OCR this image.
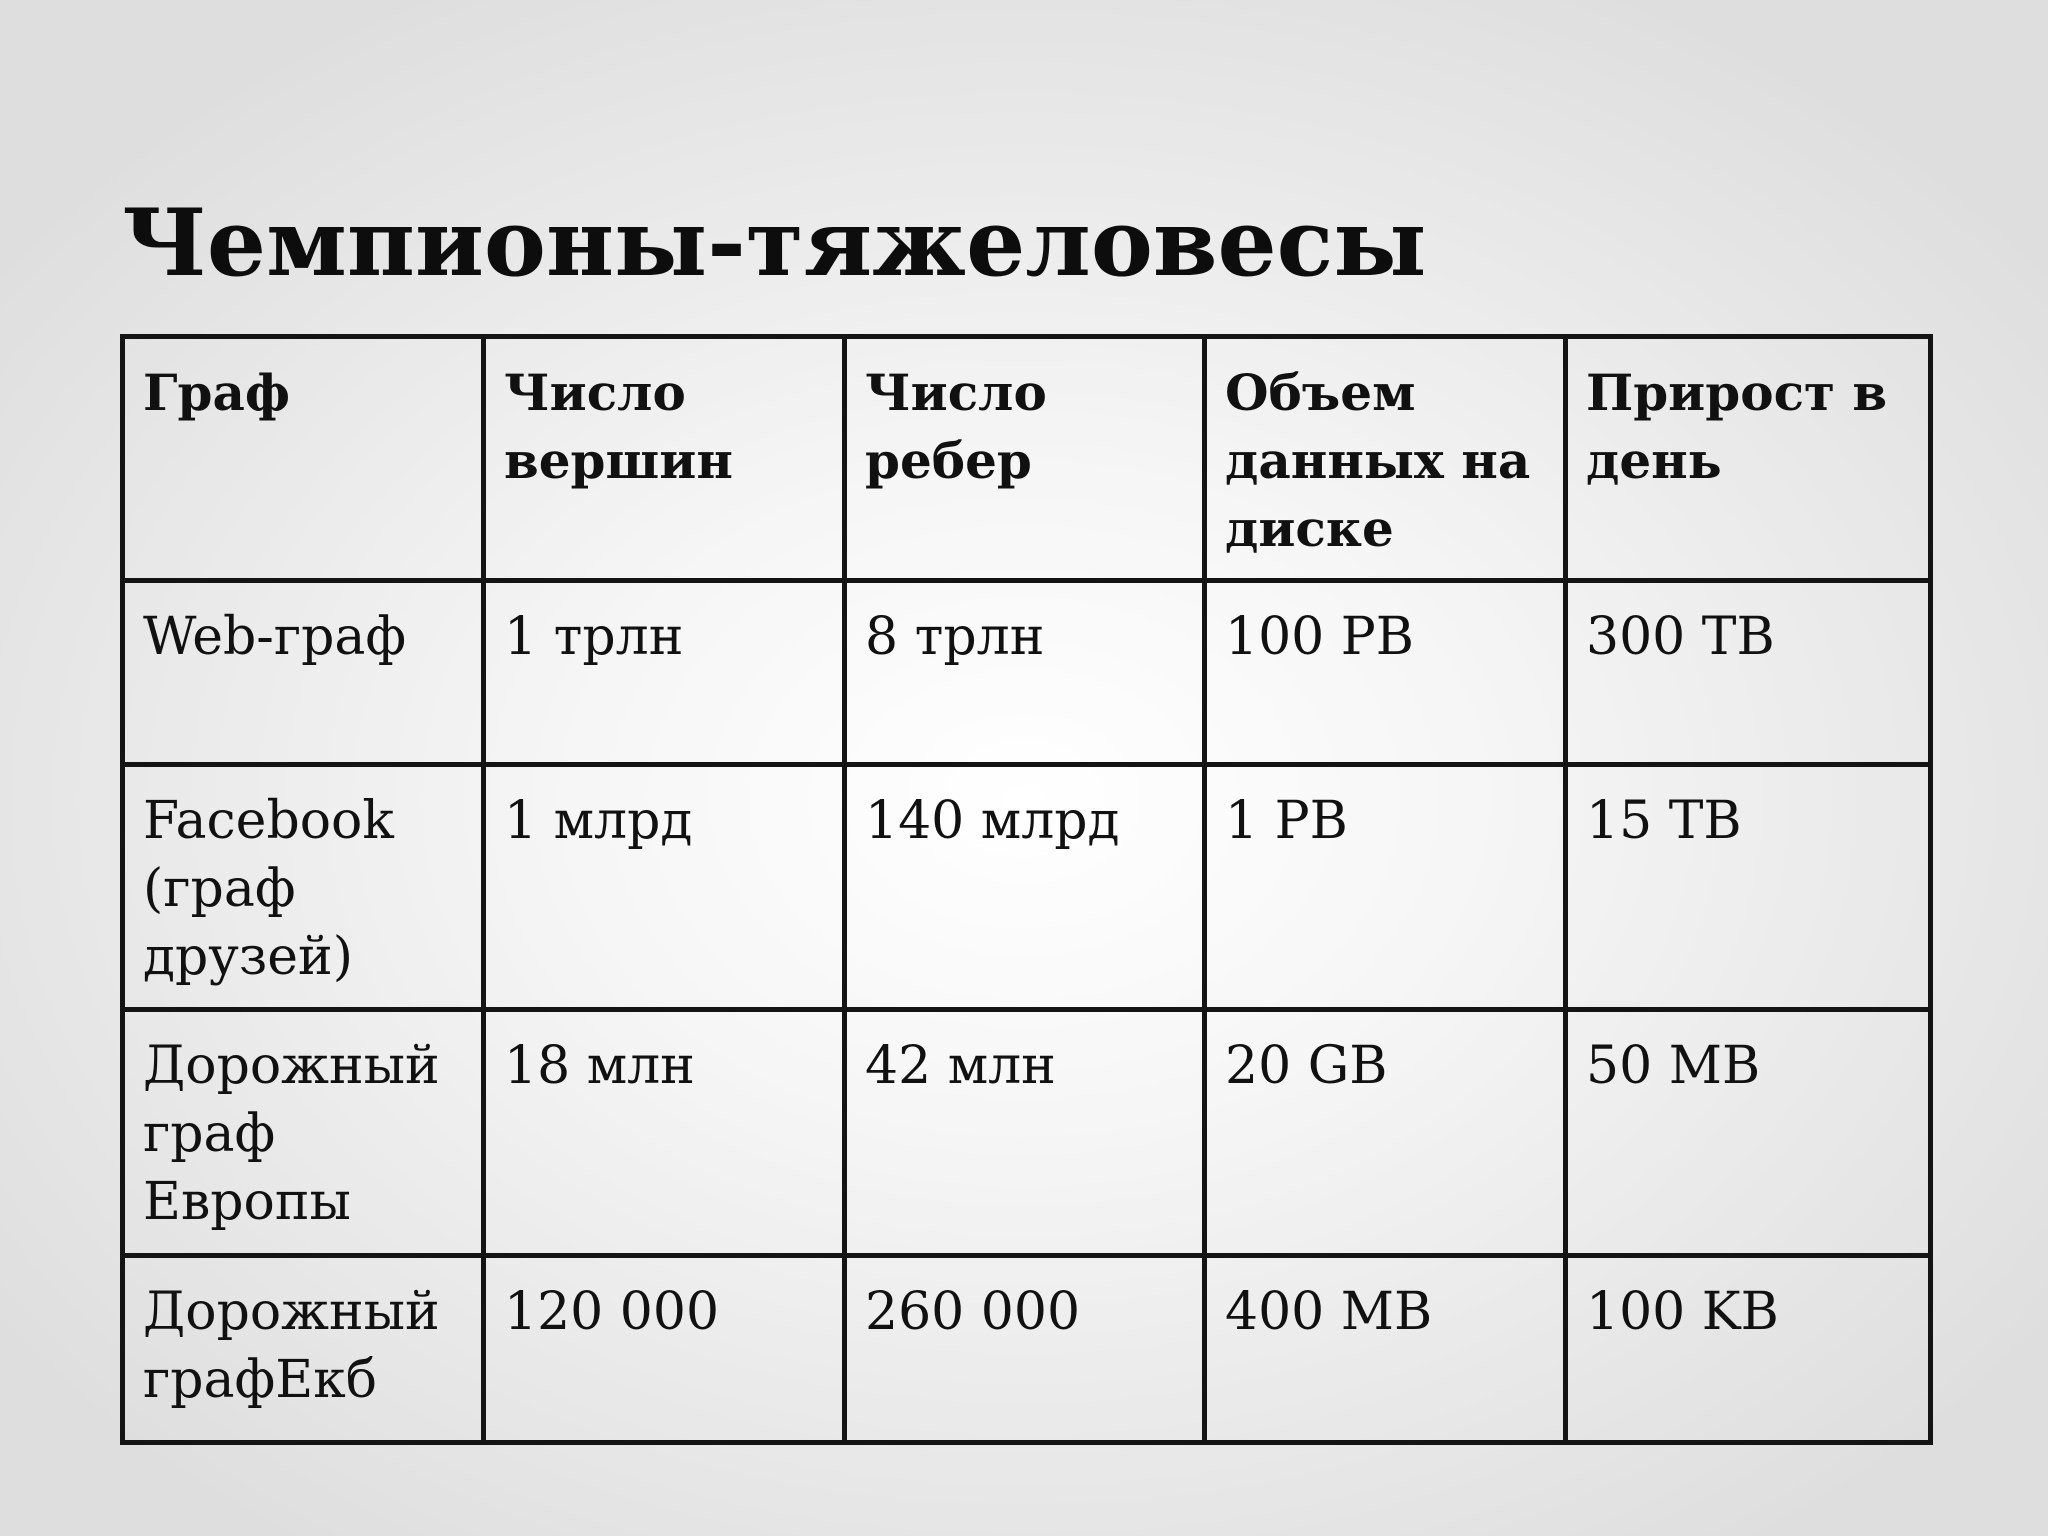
Чемпионы-тяжеловесы
Граф	Число вершин	Число ребер	Объем данных на диске	Прирост в день
Web-граф	1 трлн	8 трлн	100 PB	300 TB
Facebook (граф друзей)	1 млрд	140 млрд	1 PB	15 TB
Дорожный граф Европы	18 млн	42 млн	20 GB	50 MB
Дорожный графЕкб	120 000	260 000	400 MB	100 KB
